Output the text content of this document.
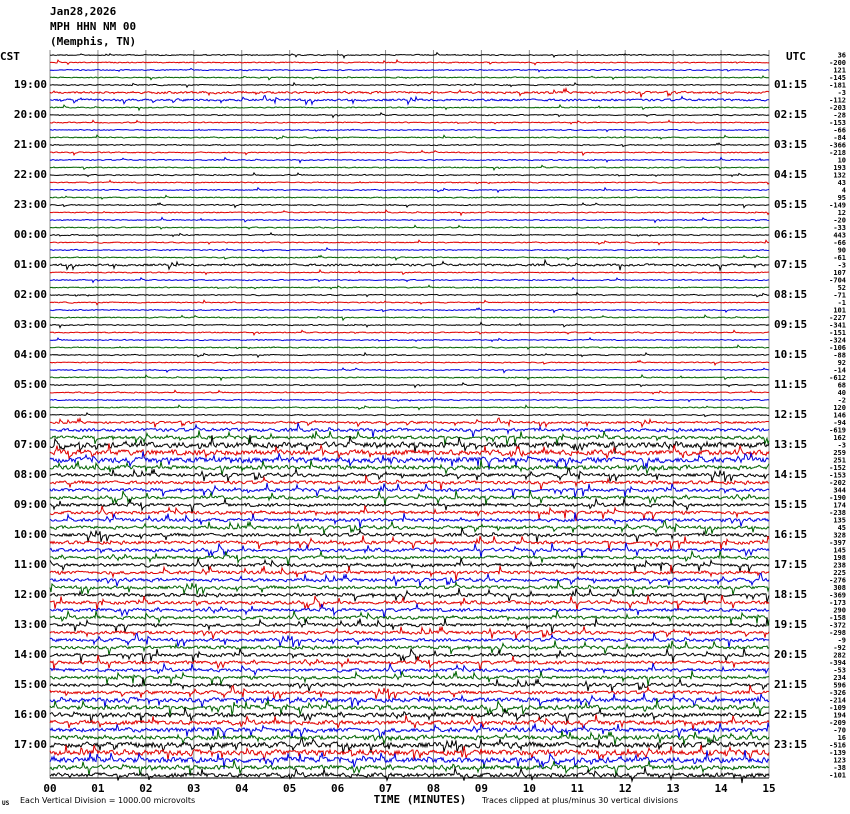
Jan28,2026
MPH HHN NM 00
(Memphis, TN)
CST	UTC
19:00
20:00
21:00
22:00
23:00
00:00
01:00
02:00
03:00
04:00
05:00
06:00
07:00
08:00
09:00
10:00
11:00
12:00
13:00
14:00
15:00
16:00
17:00
01:15
02:15
03:15
04:15
05:15
06:15
07:15
08:15
09:15
10:15
11:15
12:15
13:15
14:15
15:15
16:15
17:15
18:15
19:15
20:15
21:15
22:15
23:15
36
-200
121
-145
-181
-3
-112
-203
-28
-153
-66
-84
-366
-218
10
193
132
43
4
95
-149
12
-20
-33
443
-66
90
-61
-3
107
-704
52
-71
-1
101
-227
-341
-151
-324
-106
-88
92
-14
-612
68
40
-2
120
146
-94
-619
162
-3
259
251
-152
-153
-202
344
-190
174
-238
135
45
328
-397
145
198
238
225
-276
308
-369
-173
290
-158
-372
-298
-9
-92
282
-394
-53
234
596
-326
-214
-109
194
-209
-70
16
-516
-139
123
-38
-101
00	01	02	03	04	05	06	07	08	09	10	11	12	13	14	15
TIME (MINUTES)
US Each Vertical Division = 1000.00 microvolts	Traces clipped at plus/minus 30 vertical divisions
